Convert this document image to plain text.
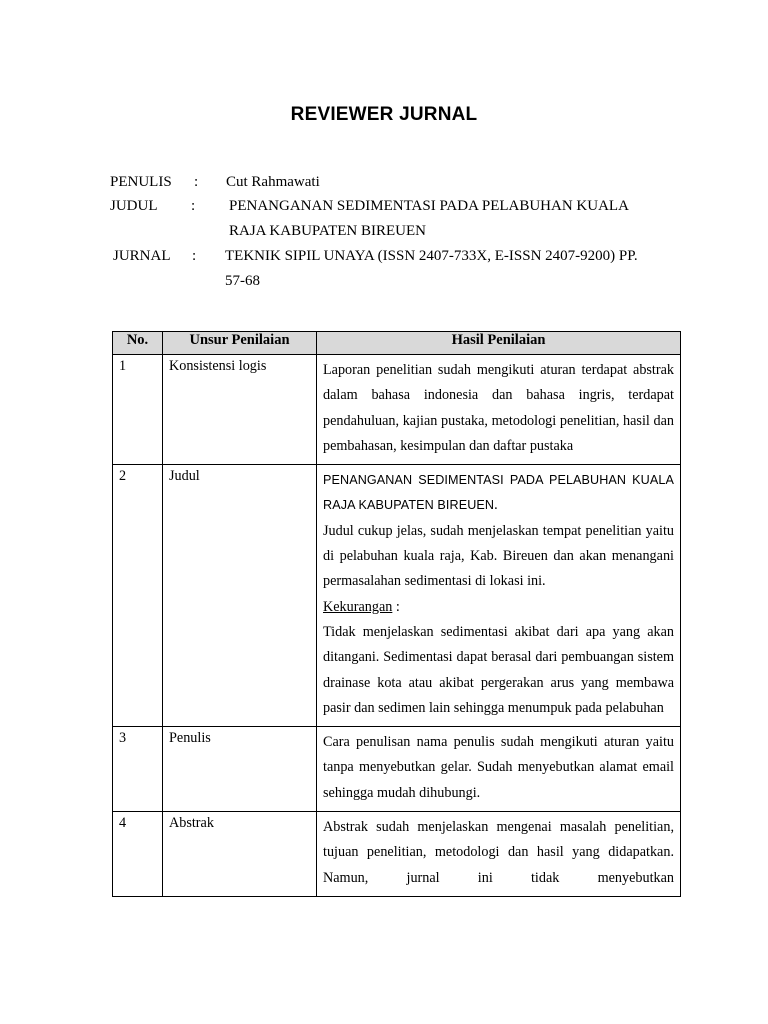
REVIEWER JURNAL
PENULIS : Cut Rahmawati
JUDUL : PENANGANAN SEDIMENTASI PADA PELABUHAN KUALA
RAJA KABUPATEN BIREUEN
JURNAL : TEKNIK SIPIL UNAYA (ISSN 2407-733X, E-ISSN 2407-9200) PP.
57-68
No.	Unsur Penilaian	Hasil Penilaian
1	Konsistensi logis	Laporan penelitian sudah mengikuti aturan terdapat abstrak dalam bahasa indonesia dan bahasa ingris, terdapat pendahuluan, kajian pustaka, metodologi penelitian, hasil dan pembahasan, kesimpulan dan daftar pustaka
2	Judul	PENANGANAN SEDIMENTASI PADA PELABUHAN KUALA RAJA KABUPATEN BIREUEN.

Judul cukup jelas, sudah menjelaskan tempat penelitian yaitu di pelabuhan kuala raja, Kab. Bireuen dan akan menangani permasalahan sedimentasi di lokasi ini.

Kekurangan :

Tidak menjelaskan sedimentasi akibat dari apa yang akan ditangani. Sedimentasi dapat berasal dari pembuangan sistem drainase kota atau akibat pergerakan arus yang membawa pasir dan sedimen lain sehingga menumpuk pada pelabuhan

3	Penulis	Cara penulisan nama penulis sudah mengikuti aturan yaitu tanpa menyebutkan gelar. Sudah menyebutkan alamat email sehingga mudah dihubungi.
4	Abstrak	Abstrak sudah menjelaskan mengenai masalah penelitian, tujuan penelitian, metodologi dan hasil yang didapatkan. Namun, jurnal ini tidak menyebutkan
